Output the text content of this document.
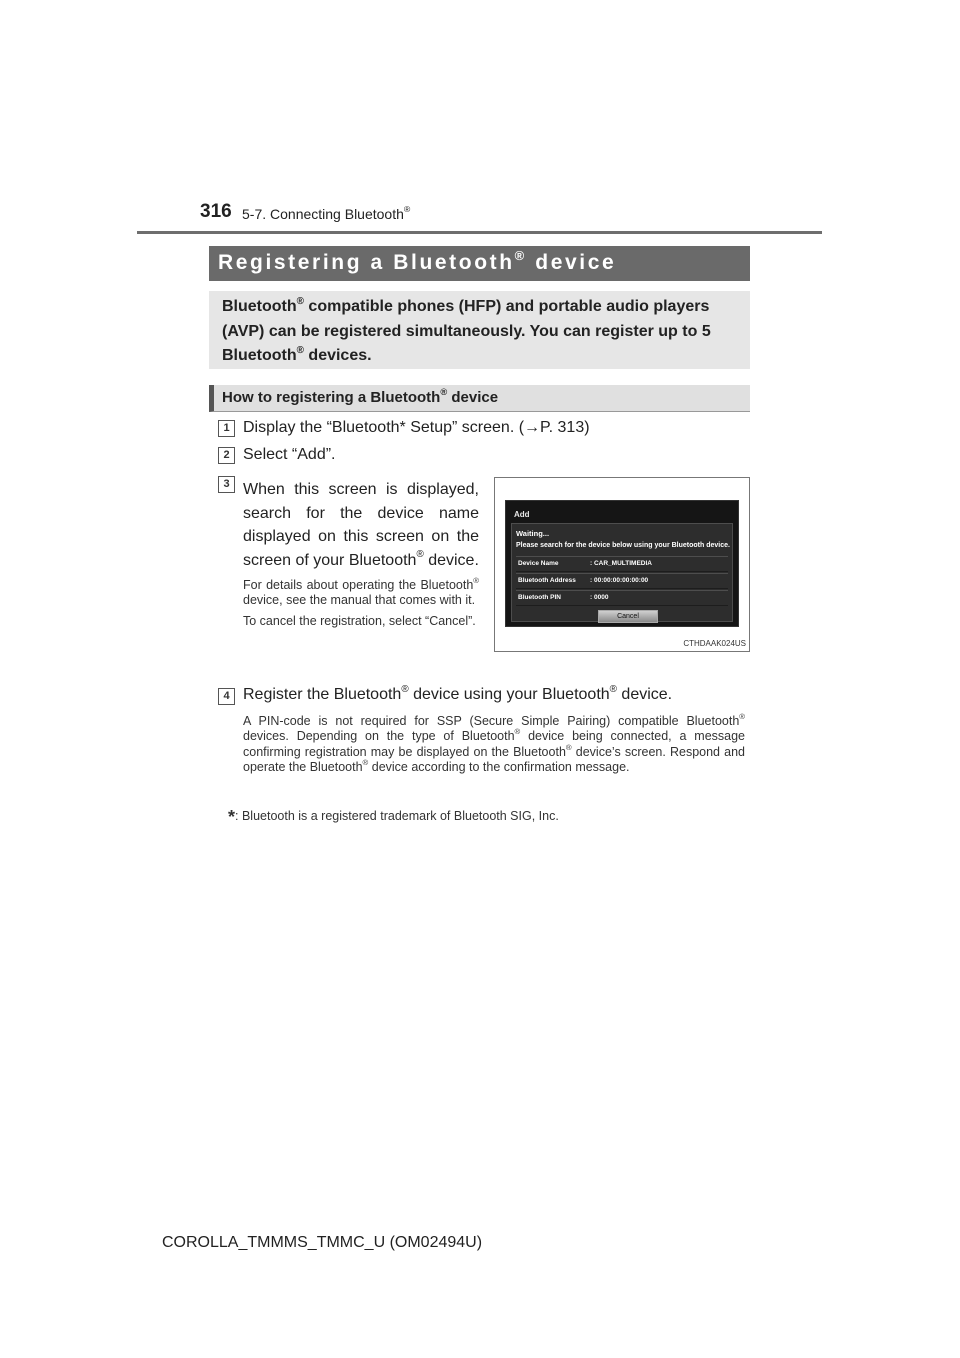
316 5-7. Connecting Bluetooth®
Registering a Bluetooth® device
Bluetooth® compatible phones (HFP) and portable audio players (AVP) can be registered simultaneously. You can register up to 5 Bluetooth® devices.
How to registering a Bluetooth® device
1 Display the “Bluetooth* Setup” screen. (→P. 313)
2 Select “Add”.
3 When this screen is displayed, search for the device name displayed on this screen on the screen of your Bluetooth® device.
For details about operating the Bluetooth® device, see the manual that comes with it.
To cancel the registration, select “Cancel”.
Add
Waiting...
Please search for the device below using your Bluetooth device.
Device Name	: CAR_MULTIMEDIA
Bluetooth Address : 00:00:00:00:00:00
Bluetooth PIN	: 0000
Cancel
CTHDAAK024US
4 Register the Bluetooth® device using your Bluetooth® device.
A PIN-code is not required for SSP (Secure Simple Pairing) compatible Bluetooth® devices. Depending on the type of Bluetooth® device being connected, a message confirming registration may be displayed on the Bluetooth® device’s screen. Respond and operate the Bluetooth® device according to the confirmation message.
*: Bluetooth is a registered trademark of Bluetooth SIG, Inc.
COROLLA_TMMMS_TMMC_U (OM02494U)
